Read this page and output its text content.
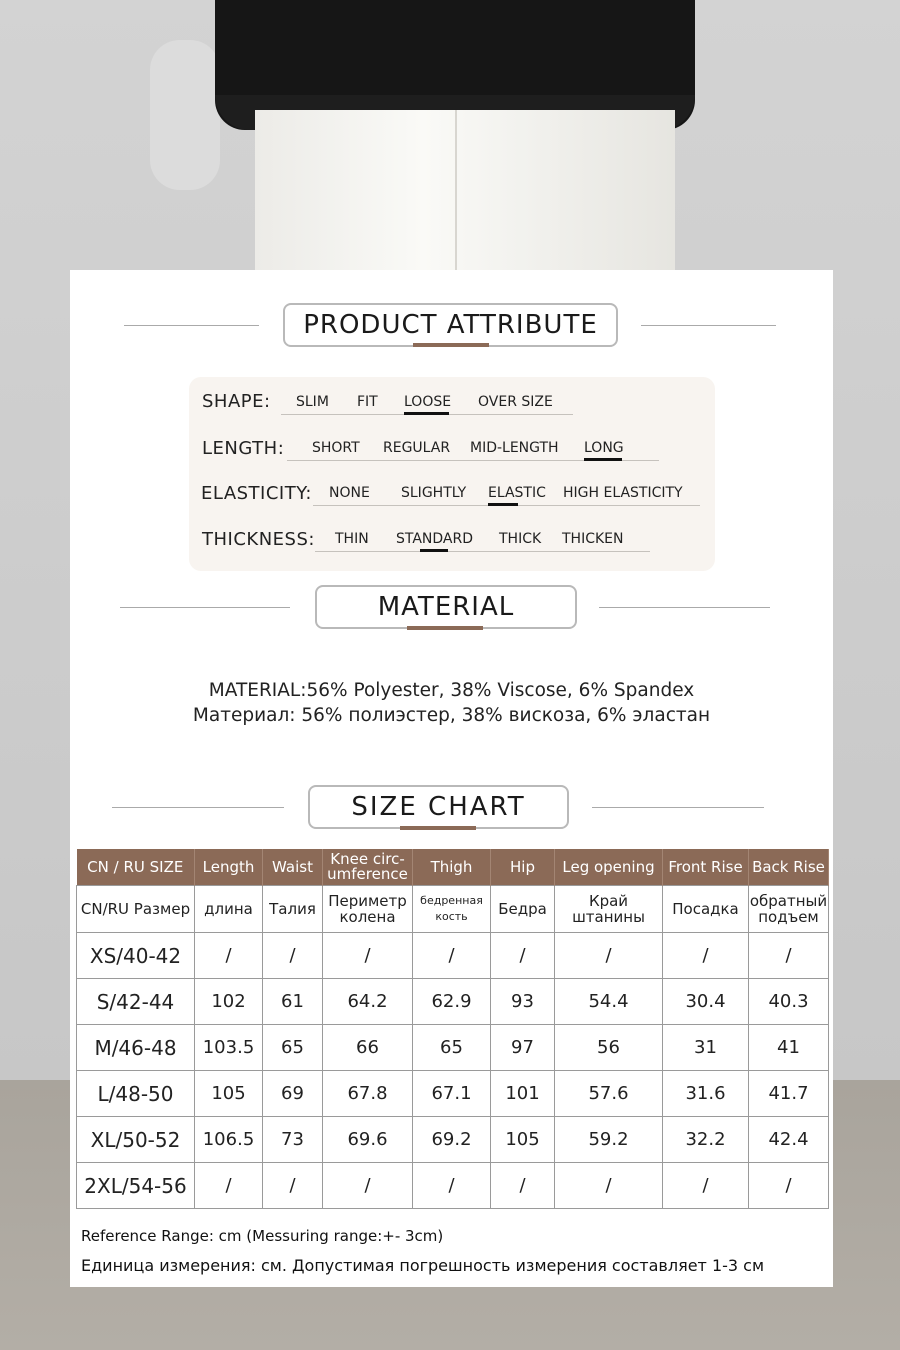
PRODUCT ATTRIBUTE
SHAPE: SLIM FIT LOOSE OVER SIZE
LENGTH: SHORT REGULAR MID-LENGTH LONG
ELASTICITY: NONE SLIGHTLY ELASTIC HIGH ELASTICITY
THICKNESS: THIN STANDARD THICK THICKEN
MATERIAL
MATERIAL:56% Polyester, 38% Viscose, 6% Spandex
Материал: 56% полиэстер, 38% вискоза, 6% эластан
SIZE CHART
CN / RU SIZE	Length	Waist	Knee circ-umference	Thigh	Hip	Leg opening	Front Rise	Back Rise
CN/RU Размер	длина	Талия	Периметр колена	бедренная кость	Бедра	Край штанины	Посадка	обратный подъем
XS/40-42	/	/	/	/	/	/	/	/
S/42-44	102	61	64.2	62.9	93	54.4	30.4	40.3
M/46-48	103.5	65	66	65	97	56	31	41
L/48-50	105	69	67.8	67.1	101	57.6	31.6	41.7
XL/50-52	106.5	73	69.6	69.2	105	59.2	32.2	42.4
2XL/54-56	/	/	/	/	/	/	/	/
Reference Range: cm (Messuring range:+- 3cm)
Единица измерения: см. Допустимая погрешность измерения составляет 1-3 см
